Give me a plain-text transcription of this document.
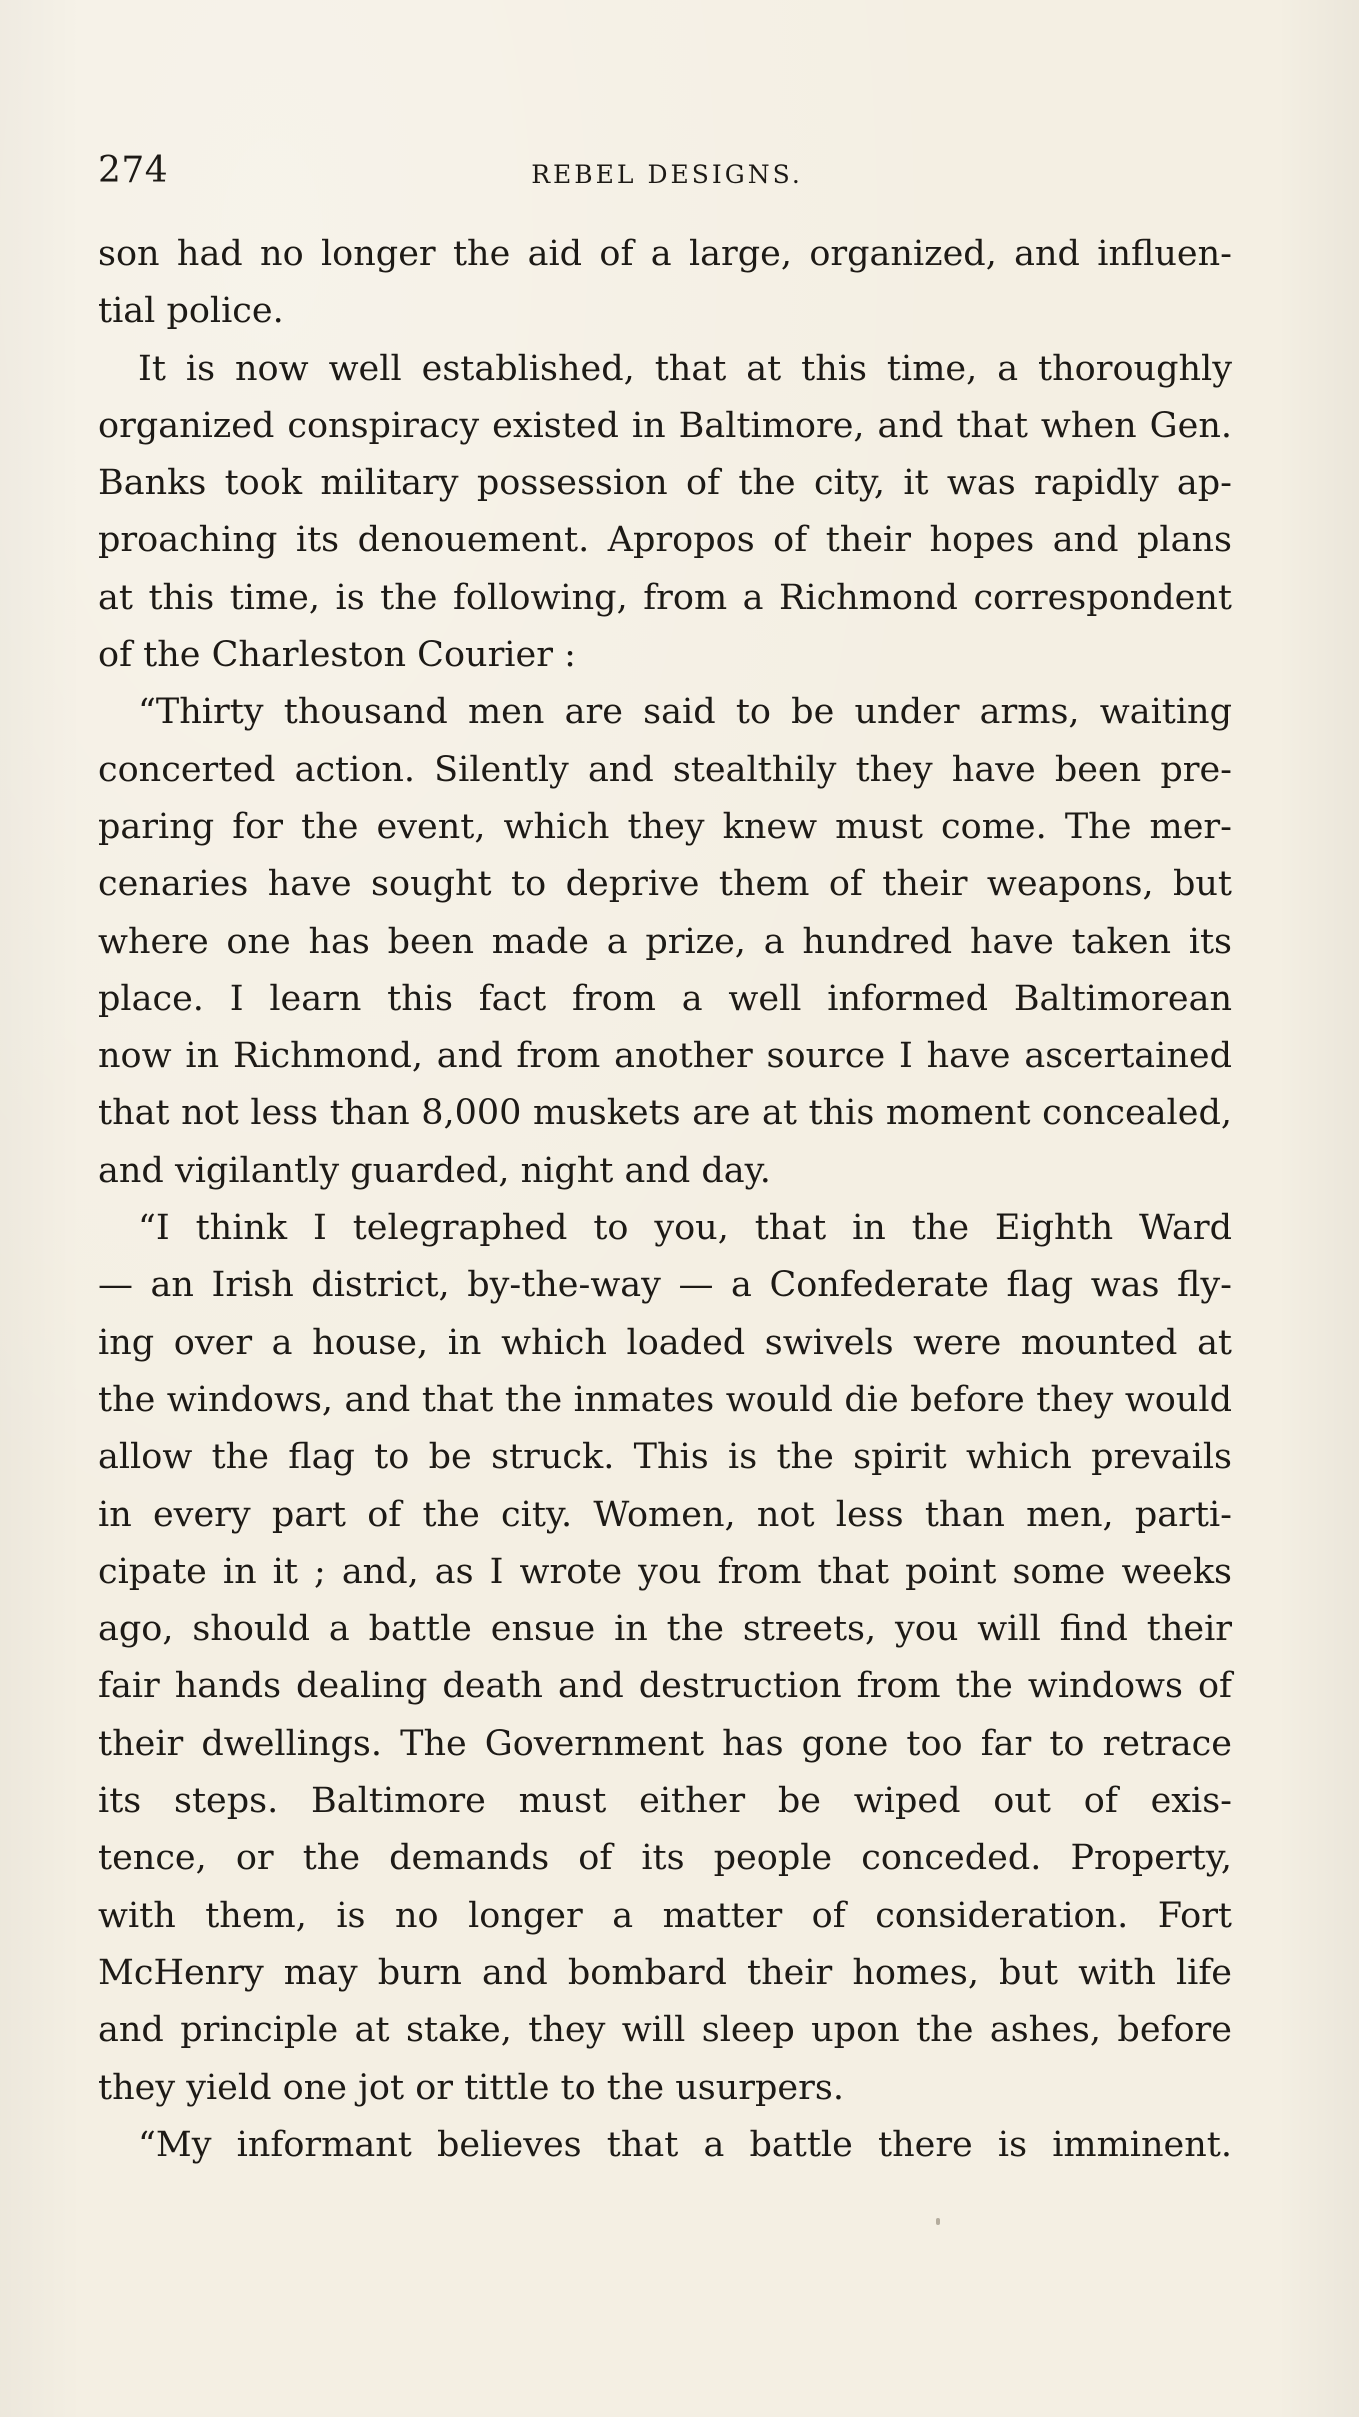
274	REBEL DESIGNS.
son had no longer the aid of a large, organized, and influen-
tial police.
It is now well established, that at this time, a thoroughly
organized conspiracy existed in Baltimore, and that when Gen.
Banks took military possession of the city, it was rapidly ap-
proaching its denouement. Apropos of their hopes and plans
at this time, is the following, from a Richmond correspondent
of the Charleston Courier :
“Thirty thousand men are said to be under arms, waiting
concerted action. Silently and stealthily they have been pre-
paring for the event, which they knew must come. The mer-
cenaries have sought to deprive them of their weapons, but
where one has been made a prize, a hundred have taken its
place. I learn this fact from a well informed Baltimorean
now in Richmond, and from another source I have ascertained
that not less than 8,000 muskets are at this moment concealed,
and vigilantly guarded, night and day.
“I think I telegraphed to you, that in the Eighth Ward
— an Irish district, by-the-way — a Confederate flag was fly-
ing over a house, in which loaded swivels were mounted at
the windows, and that the inmates would die before they would
allow the flag to be struck. This is the spirit which prevails
in every part of the city. Women, not less than men, parti-
cipate in it ; and, as I wrote you from that point some weeks
ago, should a battle ensue in the streets, you will find their
fair hands dealing death and destruction from the windows of
their dwellings. The Government has gone too far to retrace
its steps. Baltimore must either be wiped out of exis-
tence, or the demands of its people conceded. Property,
with them, is no longer a matter of consideration. Fort
McHenry may burn and bombard their homes, but with life
and principle at stake, they will sleep upon the ashes, before
they yield one jot or tittle to the usurpers.
“My informant believes that a battle there is imminent.
